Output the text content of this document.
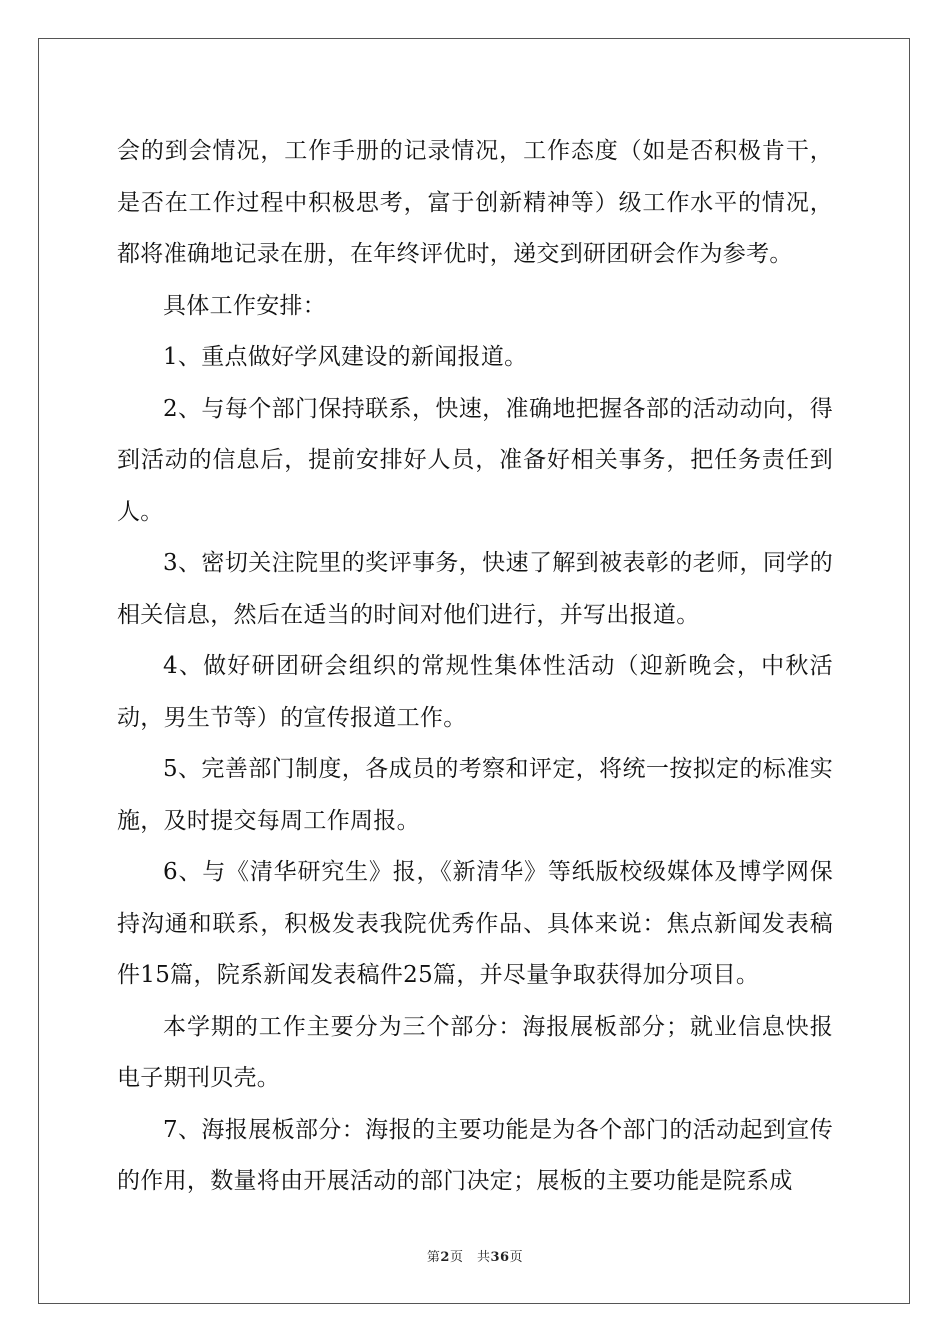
会的到会情况，工作手册的记录情况，工作态度（如是否积极肯干，是否在工作过程中积极思考，富于创新精神等）级工作水平的情况，都将准确地记录在册，在年终评优时，递交到研团研会作为参考。

具体工作安排：

1、重点做好学风建设的新闻报道。

2、与每个部门保持联系，快速，准确地把握各部的活动动向，得到活动的信息后，提前安排好人员，准备好相关事务，把任务责任到人。

3、密切关注院里的奖评事务，快速了解到被表彰的老师，同学的相关信息，然后在适当的时间对他们进行，并写出报道。

4、做好研团研会组织的常规性集体性活动（迎新晚会，中秋活动，男生节等）的宣传报道工作。

5、完善部门制度，各成员的考察和评定，将统一按拟定的标准实施，及时提交每周工作周报。

6、与《清华研究生》报，《新清华》等纸版校级媒体及博学网保持沟通和联系，积极发表我院优秀作品、具体来说：焦点新闻发表稿件15篇，院系新闻发表稿件25篇，并尽量争取获得加分项目。

本学期的工作主要分为三个部分：海报展板部分；就业信息快报电子期刊贝壳。

7、海报展板部分：海报的主要功能是为各个部门的活动起到宣传的作用，数量将由开展活动的部门决定；展板的主要功能是院系成

第2页　共36页
